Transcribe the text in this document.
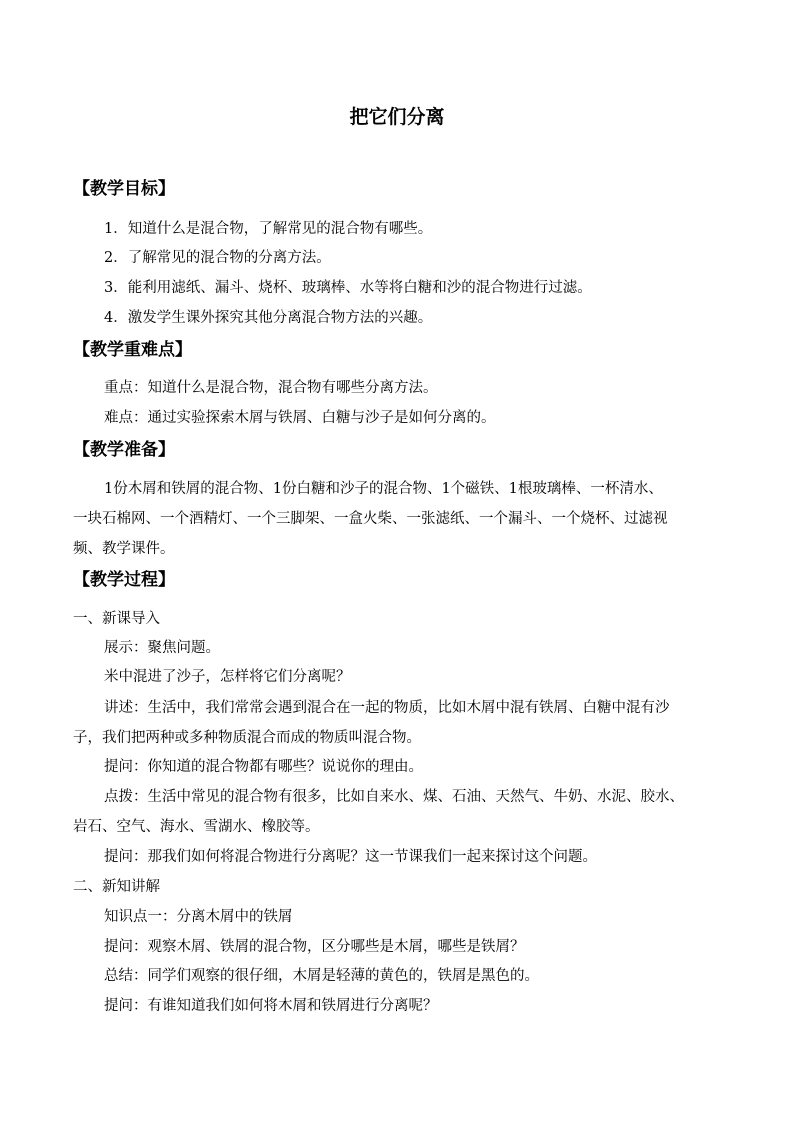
把它们分离
【教学目标】
1．知道什么是混合物，了解常见的混合物有哪些。
2．了解常见的混合物的分离方法。
3．能利用滤纸、漏斗、烧杯、玻璃棒、水等将白糖和沙的混合物进行过滤。
4．激发学生课外探究其他分离混合物方法的兴趣。
【教学重难点】
重点：知道什么是混合物，混合物有哪些分离方法。
难点：通过实验探索木屑与铁屑、白糖与沙子是如何分离的。
【教学准备】
1份木屑和铁屑的混合物、1份白糖和沙子的混合物、1个磁铁、1根玻璃棒、一杯清水、
一块石棉网、一个酒精灯、一个三脚架、一盒火柴、一张滤纸、一个漏斗、一个烧杯、过滤视
频、教学课件。
【教学过程】
一、新课导入
展示：聚焦问题。
米中混进了沙子，怎样将它们分离呢？
讲述：生活中，我们常常会遇到混合在一起的物质，比如木屑中混有铁屑、白糖中混有沙
子，我们把两种或多种物质混合而成的物质叫混合物。
提问：你知道的混合物都有哪些？说说你的理由。
点拨：生活中常见的混合物有很多，比如自来水、煤、石油、天然气、牛奶、水泥、胶水、
岩石、空气、海水、雪湖水、橡胶等。
提问：那我们如何将混合物进行分离呢？这一节课我们一起来探讨这个问题。
二、新知讲解
知识点一：分离木屑中的铁屑
提问：观察木屑、铁屑的混合物，区分哪些是木屑，哪些是铁屑？
总结：同学们观察的很仔细，木屑是轻薄的黄色的，铁屑是黑色的。
提问：有谁知道我们如何将木屑和铁屑进行分离呢？
